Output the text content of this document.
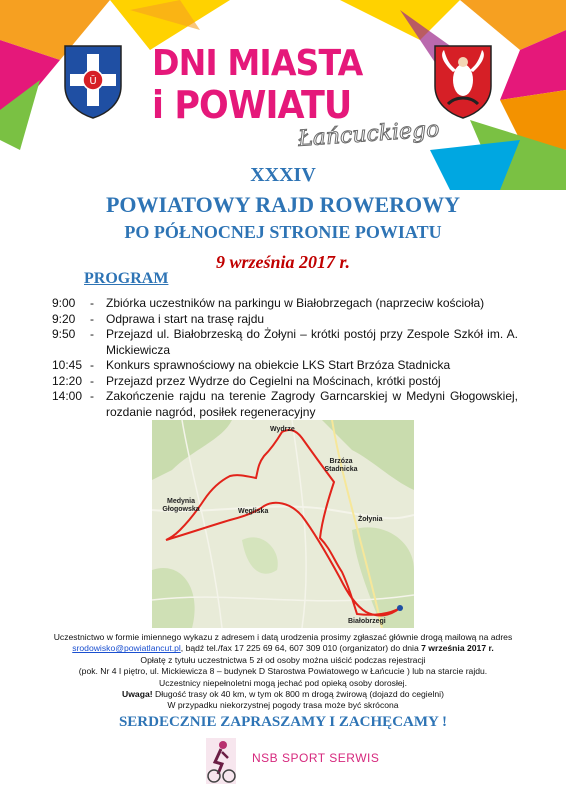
Ū DNI MIASTA
i POWIATU
Łańcuckiego
XXXIV
POWIATOWY RAJD ROWEROWY
PO PÓŁNOCNEJ STRONIE POWIATU
9 września 2017 r.
PROGRAM
9:00 - Zbiórka uczestników na parkingu w Białobrzegach (naprzeciw kościoła)
9:20 - Odprawa i start na trasę rajdu
9:50 - Przejazd ul. Białobrzeską do Żołyni – krótki postój przy Zespole Szkół im. A. Mickiewicza
10:45 - Konkurs sprawnościowy na obiekcie LKS Start Brzóza Stadnicka
12:20 - Przejazd przez Wydrze do Cegielni na Mościnach, krótki postój
14:00 - Zakończenie rajdu na terenie Zagrody Garncarskiej w Medyni Głogowskiej, rozdanie nagród, posiłek regeneracyjny
Wydrze
Brzóza Stadnicka
Medynia Głogowska	Węgliska
Żołynia
Białobrzegi
Uczestnictwo w formie imiennego wykazu z adresem i datą urodzenia prosimy zgłaszać głównie drogą mailową na adres
srodowisko@powiatlancut.pl, bądź tel./fax 17 225 69 64, 607 309 010 (organizator) do dnia 7 września 2017 r.
Opłatę z tytułu uczestnictwa 5 zł od osoby można uiścić podczas rejestracji
(pok. Nr 4 I piętro, ul. Mickiewicza 8 – budynek D Starostwa Powiatowego w Łańcucie ) lub na starcie rajdu.
Uczestnicy niepełnoletni mogą jechać pod opieką osoby dorosłej.
Uwaga! Długość trasy ok 40 km, w tym ok 800 m drogą żwirową (dojazd do cegielni)
W przypadku niekorzystnej pogody trasa może być skrócona
SERDECZNIE ZAPRASZAMY I ZACHĘCAMY !
NSB SPORT SERWIS
